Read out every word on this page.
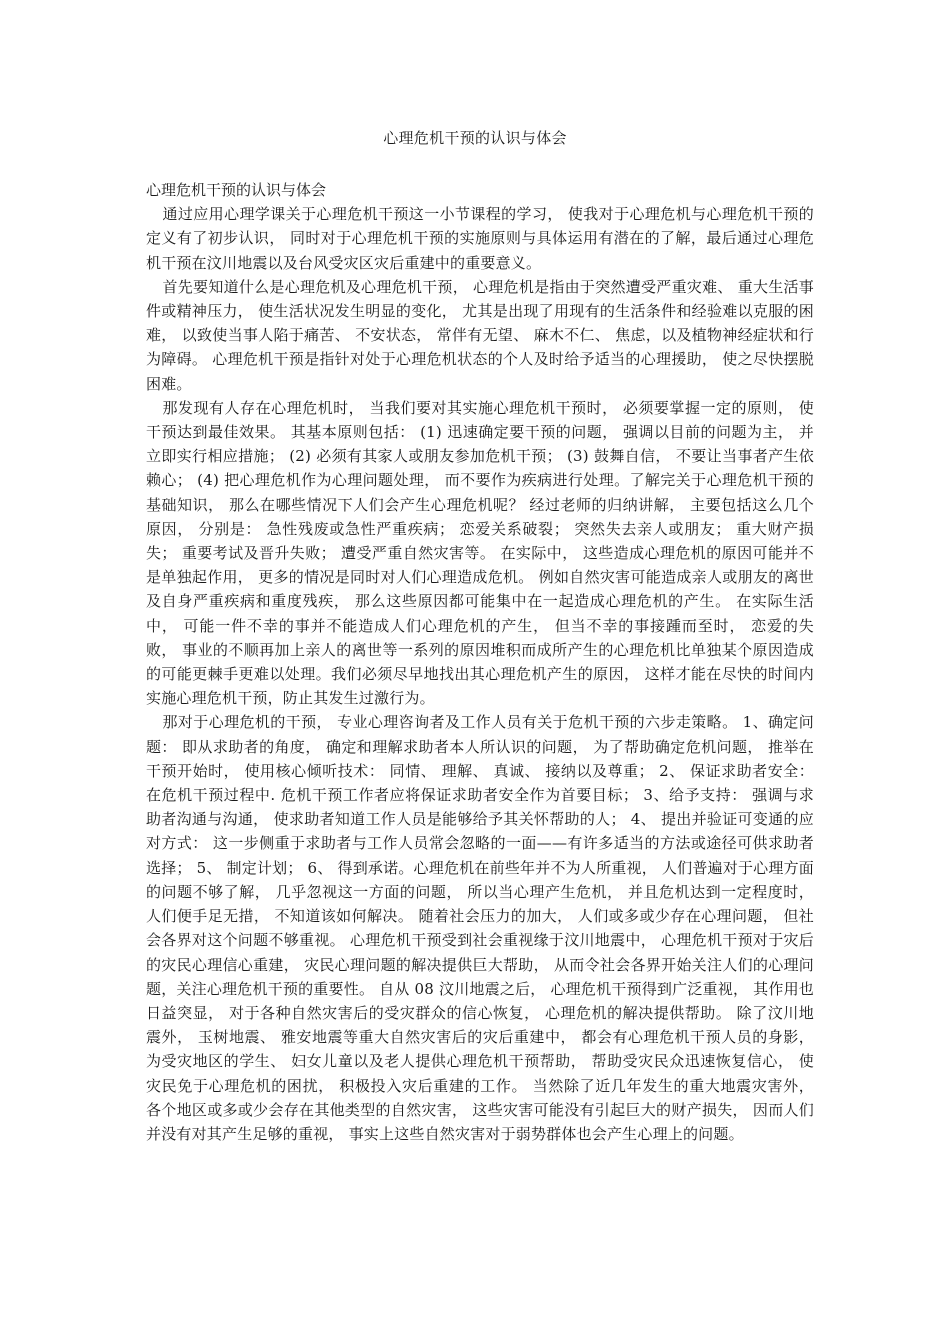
心理危机干预的认识与体会

心理危机干预的认识与体会

通过应用心理学课关于心理危机干预这一小节课程的学习， 使我对于心理危机与心理危机干预的定义有了初步认识， 同时对于心理危机干预的实施原则与具体运用有潜在的了解，最后通过心理危机干预在汶川地震以及台风受灾区灾后重建中的重要意义。

首先要知道什么是心理危机及心理危机干预， 心理危机是指由于突然遭受严重灾难、 重大生活事件或精神压力， 使生活状况发生明显的变化， 尤其是出现了用现有的生活条件和经验难以克服的困难， 以致使当事人陷于痛苦、 不安状态， 常伴有无望、 麻木不仁、 焦虑，以及植物神经症状和行为障碍。 心理危机干预是指针对处于心理危机状态的个人及时给予适当的心理援助， 使之尽快摆脱困难。

那发现有人存在心理危机时， 当我们要对其实施心理危机干预时， 必须要掌握一定的原则， 使干预达到最佳效果。 其基本原则包括： (1) 迅速确定要干预的问题， 强调以目前的问题为主， 并立即实行相应措施； (2) 必须有其家人或朋友参加危机干预； (3) 鼓舞自信， 不要让当事者产生依赖心； (4) 把心理危机作为心理问题处理， 而不要作为疾病进行处理。了解完关于心理危机干预的基础知识， 那么在哪些情况下人们会产生心理危机呢？ 经过老师的归纳讲解， 主要包括这么几个原因， 分别是： 急性残废或急性严重疾病； 恋爱关系破裂； 突然失去亲人或朋友； 重大财产损失； 重要考试及晋升失败； 遭受严重自然灾害等。 在实际中， 这些造成心理危机的原因可能并不是单独起作用， 更多的情况是同时对人们心理造成危机。 例如自然灾害可能造成亲人或朋友的离世及自身严重疾病和重度残疾， 那么这些原因都可能集中在一起造成心理危机的产生。 在实际生活中， 可能一件不幸的事并不能造成人们心理危机的产生， 但当不幸的事接踵而至时， 恋爱的失败， 事业的不顺再加上亲人的离世等一系列的原因堆积而成所产生的心理危机比单独某个原因造成的可能更棘手更难以处理。我们必须尽早地找出其心理危机产生的原因， 这样才能在尽快的时间内实施心理危机干预，防止其发生过激行为。

那对于心理危机的干预， 专业心理咨询者及工作人员有关于危机干预的六步走策略。 1、确定问题： 即从求助者的角度， 确定和理解求助者本人所认识的问题， 为了帮助确定危机问题， 推举在干预开始时， 使用核心倾听技术： 同情、 理解、 真诚、 接纳以及尊重； 2、 保证求助者安全： 在危机干预过程中. 危机干预工作者应将保证求助者安全作为首要目标； 3、给予支持： 强调与求助者沟通与沟通， 使求助者知道工作人员是能够给予其关怀帮助的人； 4、 提出并验证可变通的应对方式： 这一步侧重于求助者与工作人员常会忽略的一面——有许多适当的方法或途径可供求助者选择； 5、 制定计划； 6、 得到承诺。心理危机在前些年并不为人所重视， 人们普遍对于心理方面的问题不够了解， 几乎忽视这一方面的问题， 所以当心理产生危机， 并且危机达到一定程度时， 人们便手足无措， 不知道该如何解决。 随着社会压力的加大， 人们或多或少存在心理问题， 但社会各界对这个问题不够重视。 心理危机干预受到社会重视缘于汶川地震中， 心理危机干预对于灾后的灾民心理信心重建， 灾民心理问题的解决提供巨大帮助， 从而令社会各界开始关注人们的心理问题，关注心理危机干预的重要性。 自从 08 汶川地震之后， 心理危机干预得到广泛重视， 其作用也日益突显， 对于各种自然灾害后的受灾群众的信心恢复， 心理危机的解决提供帮助。 除了汶川地震外， 玉树地震、 雅安地震等重大自然灾害后的灾后重建中， 都会有心理危机干预人员的身影， 为受灾地区的学生、 妇女儿童以及老人提供心理危机干预帮助， 帮助受灾民众迅速恢复信心， 使灾民免于心理危机的困扰， 积极投入灾后重建的工作。 当然除了近几年发生的重大地震灾害外， 各个地区或多或少会存在其他类型的自然灾害， 这些灾害可能没有引起巨大的财产损失， 因而人们并没有对其产生足够的重视， 事实上这些自然灾害对于弱势群体也会产生心理上的问题。
